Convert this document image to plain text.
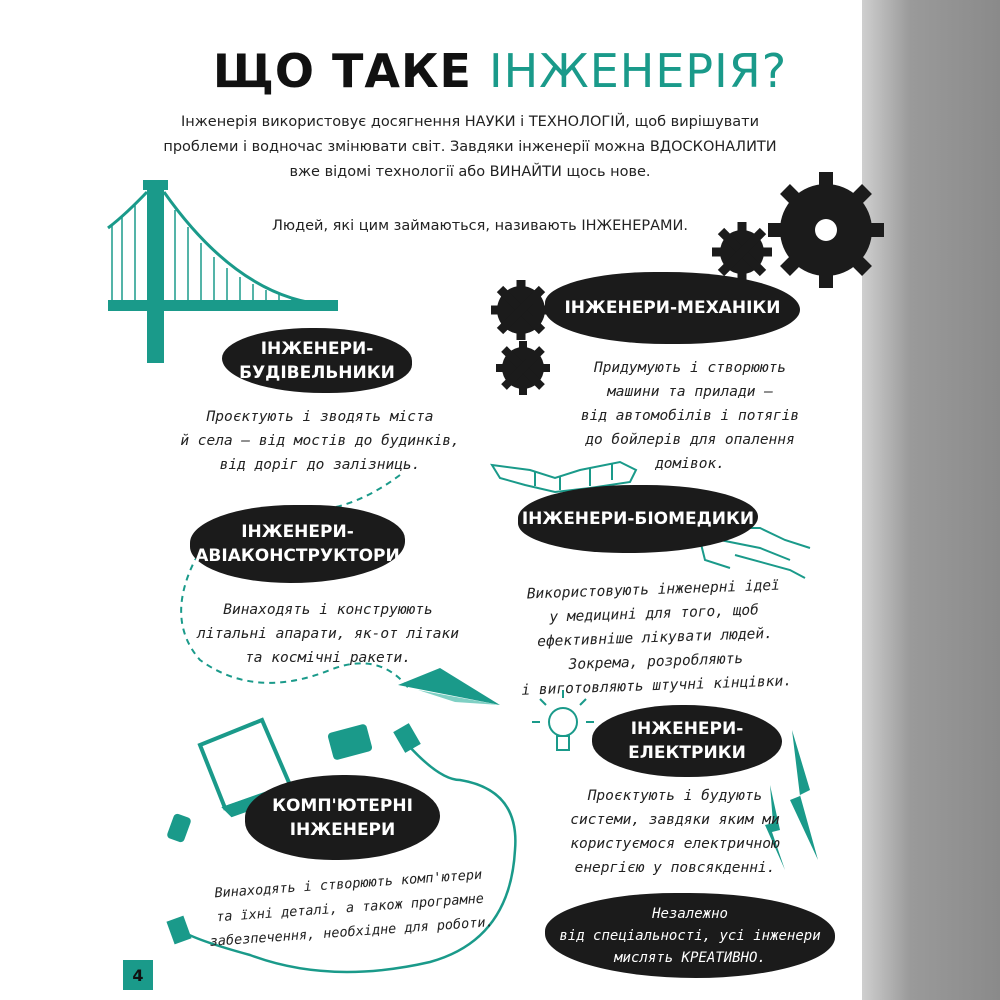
ЩО ТАКЕ ІНЖЕНЕРІЯ?

Інженерія використовує досягнення НАУКИ і ТЕХНОЛОГІЙ, щоб вирішувати проблеми і водночас змінювати світ. Завдяки інженерії можна ВДОСКОНАЛИТИ вже відомі технології або ВИНАЙТИ щось нове.

Людей, які цим займаються, називають ІНЖЕНЕРАМИ.

ІНЖЕНЕРИ-
БУДІВЕЛЬНИКИ
Проєктують і зводять міста
й села — від мостів до будинків,
від доріг до залізниць.
ІНЖЕНЕРИ-
АВІАКОНСТРУКТОРИ
Винаходять і конструюють
літальні апарати, як-от літаки
та космічні ракети.
КОМП'ЮТЕРНІ
ІНЖЕНЕРИ
Винаходять і створюють комп'ютери
та їхні деталі, а також програмне
забезпечення, необхідне для роботи.
ІНЖЕНЕРИ-МЕХАНІКИ
Придумують і створюють
машини та прилади —
від автомобілів і потягів
до бойлерів для опалення
домівок.
ІНЖЕНЕРИ-БІОМЕДИКИ
Використовують інженерні ідеї
у медицині для того, щоб
ефективніше лікувати людей.
Зокрема, розробляють
і виготовляють штучні кінцівки.
ІНЖЕНЕРИ-
ЕЛЕКТРИКИ
Проєктують і будують
системи, завдяки яким ми
користуємося електричною
енергією у повсякденні.
Незалежно
від спеціальності, усі інженери
мислять КРЕАТИВНО.
4
